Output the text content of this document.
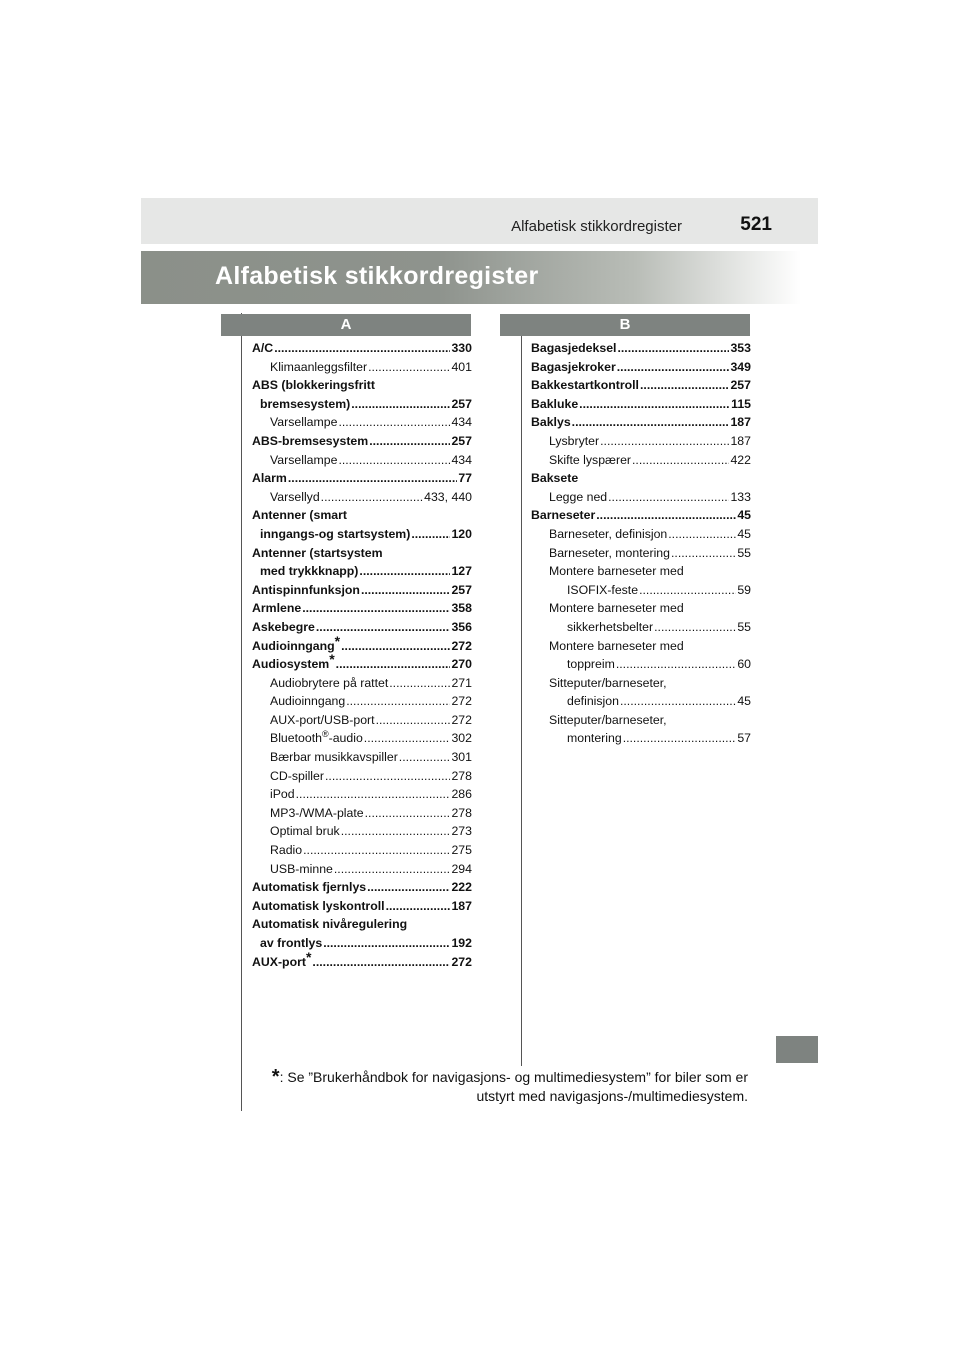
Alfabetisk stikkordregister	521
Alfabetisk stikkordregister
A	B
A/C .....	330
Klimaanleggsfilter .....	401
ABS (blokkeringsfritt
bremsesystem) .....	257
Varsellampe .....	434
ABS-bremsesystem .....	257
Varsellampe .....	434
Alarm .....	77
Varsellyd .....	433, 440
Antenner (smart
inngangs-og startsystem) .....	120
Antenner (startsystem
med trykkknapp) .....	127
Antispinnfunksjon .....	257
Armlene .....	358
Askebegre .....	356
Audioinngang* .....	272
Audiosystem* .....	270
Audiobrytere på rattet .....	271
Audioinngang .....	272
AUX-port/USB-port .....	272
Bluetooth®-audio .....	302
Bærbar musikkavspiller .....	301
CD-spiller .....	278
iPod .....	286
MP3-/WMA-plate .....	278
Optimal bruk .....	273
Radio .....	275
USB-minne .....	294
Automatisk fjernlys .....	222
Automatisk lyskontroll .....	187
Automatisk nivåregulering
av frontlys .....	192
AUX-port* .....	272
Bagasjedeksel .....	353
Bagasjekroker .....	349
Bakkestartkontroll .....	257
Bakluke .....	115
Baklys .....	187
Lysbryter .....	187
Skifte lyspærer .....	422
Baksete
Legge ned .....	133
Barneseter .....	45
Barneseter, definisjon .....	45
Barneseter, montering .....	55
Montere barneseter med
ISOFIX-feste .....	59
Montere barneseter med
sikkerhetsbelter .....	55
Montere barneseter med
toppreim .....	60
Sitteputer/barneseter,
definisjon .....	45
Sitteputer/barneseter,
montering .....	57
*: Se ”Brukerhåndbok for navigasjons- og multimediesystem” for biler som er utstyrt med navigasjons-/multimediesystem.
